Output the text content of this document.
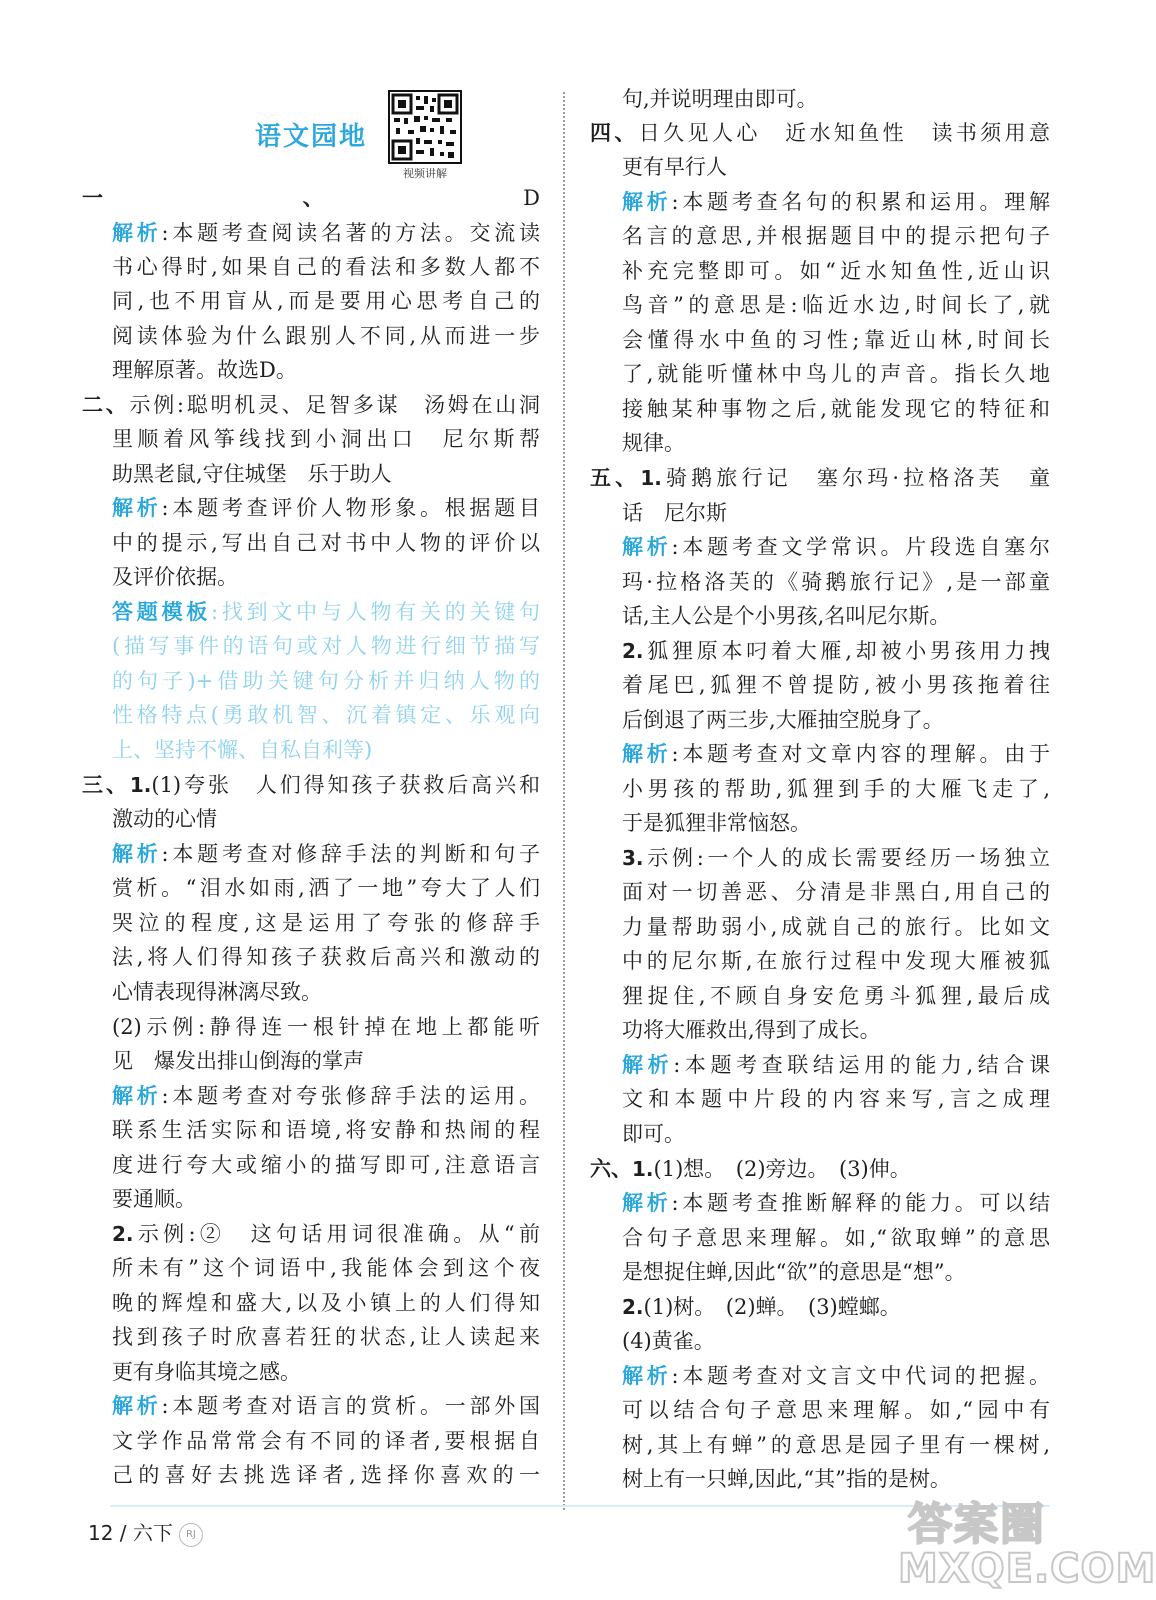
语文园地
视频讲解
一、D
解析:本题考查阅读名著的方法。交流读
书心得时,如果自己的看法和多数人都不
同,也不用盲从,而是要用心思考自己的
阅读体验为什么跟别人不同,从而进一步
理解原著。故选D。
二、示例:聪明机灵、足智多谋　汤姆在山洞
里顺着风筝线找到小洞出口　尼尔斯帮
助黑老鼠,守住城堡　乐于助人
解析:本题考查评价人物形象。根据题目
中的提示,写出自己对书中人物的评价以
及评价依据。
答题模板:找到文中与人物有关的关键句
(描写事件的语句或对人物进行细节描写
的句子)+借助关键句分析并归纳人物的
性格特点(勇敢机智、沉着镇定、乐观向
上、坚持不懈、自私自利等)
三、1.(1)夸张　人们得知孩子获救后高兴和
激动的心情
解析:本题考查对修辞手法的判断和句子
赏析。“泪水如雨,洒了一地”夸大了人们
哭泣的程度,这是运用了夸张的修辞手
法,将人们得知孩子获救后高兴和激动的
心情表现得淋漓尽致。
(2)示例:静得连一根针掉在地上都能听
见　爆发出排山倒海的掌声
解析:本题考查对夸张修辞手法的运用。
联系生活实际和语境,将安静和热闹的程
度进行夸大或缩小的描写即可,注意语言
要通顺。
2.示例:②　这句话用词很准确。从“前
所未有”这个词语中,我能体会到这个夜
晚的辉煌和盛大,以及小镇上的人们得知
找到孩子时欣喜若狂的状态,让人读起来
更有身临其境之感。
解析:本题考查对语言的赏析。一部外国
文学作品常常会有不同的译者,要根据自
己的喜好去挑选译者,选择你喜欢的一
句,并说明理由即可。
四、日久见人心　近水知鱼性　读书须用意
更有早行人
解析:本题考查名句的积累和运用。理解
名言的意思,并根据题目中的提示把句子
补充完整即可。如“近水知鱼性,近山识
鸟音”的意思是:临近水边,时间长了,就
会懂得水中鱼的习性;靠近山林,时间长
了,就能听懂林中鸟儿的声音。指长久地
接触某种事物之后,就能发现它的特征和
规律。
五、1.骑鹅旅行记　塞尔玛·拉格洛芙　童
话　尼尔斯
解析:本题考查文学常识。片段选自塞尔
玛·拉格洛芙的《骑鹅旅行记》,是一部童
话,主人公是个小男孩,名叫尼尔斯。
2.狐狸原本叼着大雁,却被小男孩用力拽
着尾巴,狐狸不曾提防,被小男孩拖着往
后倒退了两三步,大雁抽空脱身了。
解析:本题考查对文章内容的理解。由于
小男孩的帮助,狐狸到手的大雁飞走了,
于是狐狸非常恼怒。
3.示例:一个人的成长需要经历一场独立
面对一切善恶、分清是非黑白,用自己的
力量帮助弱小,成就自己的旅行。比如文
中的尼尔斯,在旅行过程中发现大雁被狐
狸捉住,不顾自身安危勇斗狐狸,最后成
功将大雁救出,得到了成长。
解析:本题考查联结运用的能力,结合课
文和本题中片段的内容来写,言之成理
即可。
六、1.(1)想。　(2)旁边。　(3)伸。
解析:本题考查推断解释的能力。可以结
合句子意思来理解。如,“欲取蝉”的意思
是想捉住蝉,因此“欲”的意思是“想”。
2.(1)树。　(2)蝉。　(3)螳螂。
(4)黄雀。
解析:本题考查对文言文中代词的把握。
可以结合句子意思来理解。如,“园中有
树,其上有蝉”的意思是园子里有一棵树,
树上有一只蝉,因此,“其”指的是树。
12 / 六下 RJ	答案圈
MXQE.COM
